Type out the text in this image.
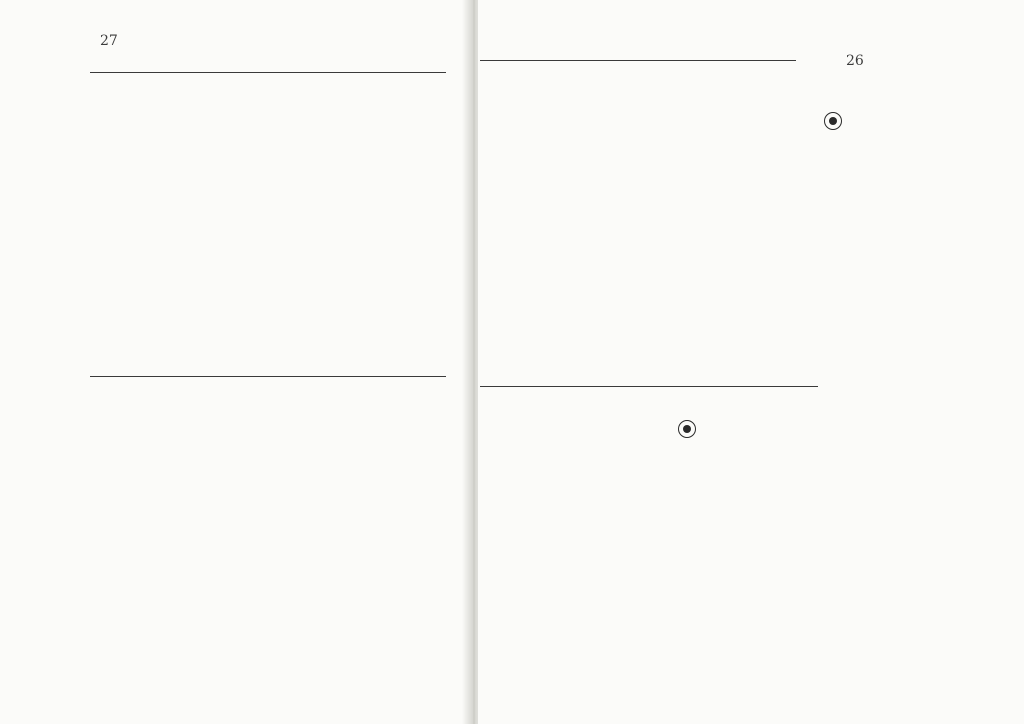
27
26
